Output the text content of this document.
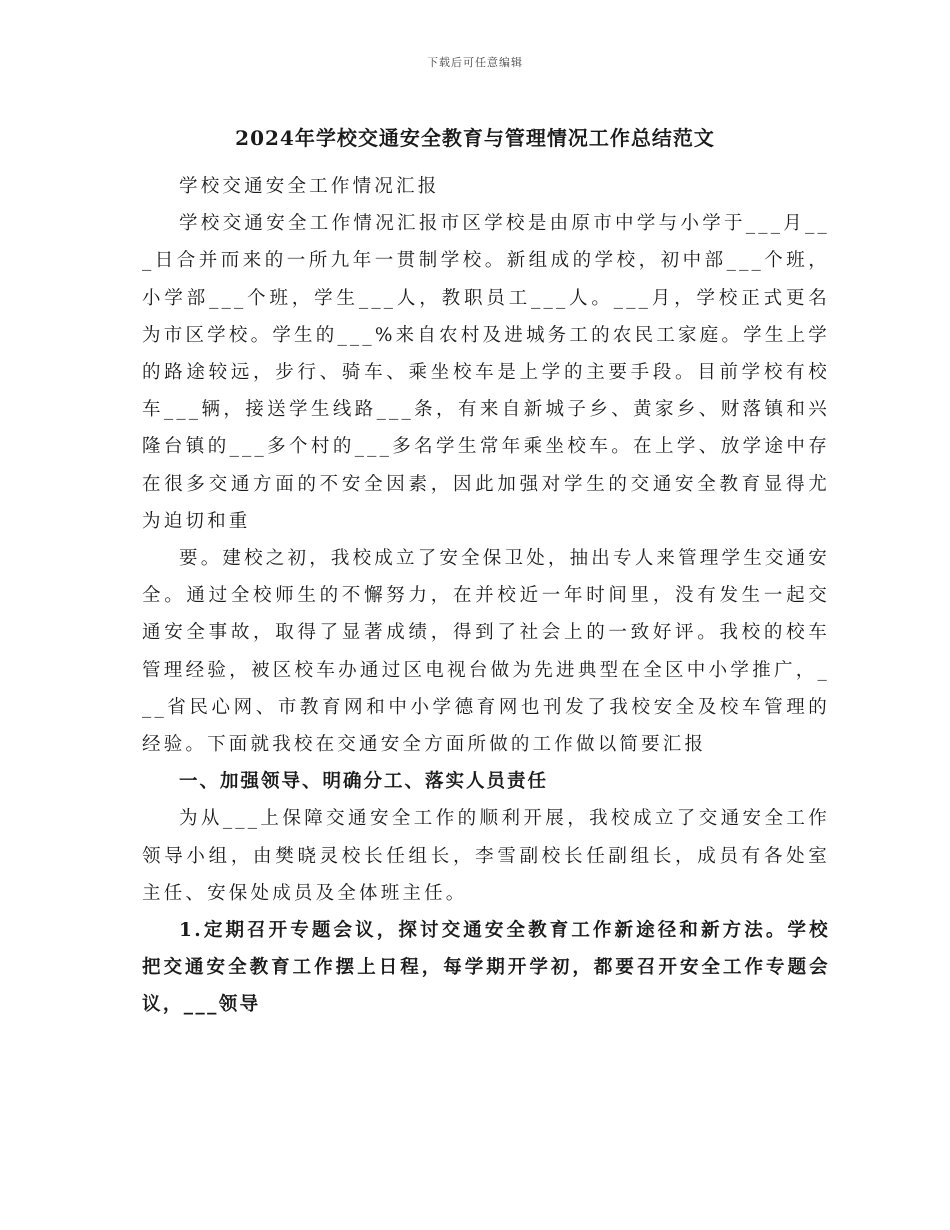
下载后可任意编辑
2024年学校交通安全教育与管理情况工作总结范文

学校交通安全工作情况汇报

学校交通安全工作情况汇报市区学校是由原市中学与小学于___月___日合并而来的一所九年一贯制学校。新组成的学校，初中部___个班，小学部___个班，学生___人，教职员工___人。___月，学校正式更名为市区学校。学生的___%来自农村及进城务工的农民工家庭。学生上学的路途较远，步行、骑车、乘坐校车是上学的主要手段。目前学校有校车___辆，接送学生线路___条，有来自新城子乡、黄家乡、财落镇和兴隆台镇的___多个村的___多名学生常年乘坐校车。在上学、放学途中存在很多交通方面的不安全因素，因此加强对学生的交通安全教育显得尤为迫切和重

要。建校之初，我校成立了安全保卫处，抽出专人来管理学生交通安全。通过全校师生的不懈努力，在并校近一年时间里，没有发生一起交通安全事故，取得了显著成绩，得到了社会上的一致好评。我校的校车管理经验，被区校车办通过区电视台做为先进典型在全区中小学推广，___省民心网、市教育网和中小学德育网也刊发了我校安全及校车管理的经验。下面就我校在交通安全方面所做的工作做以简要汇报

一、加强领导、明确分工、落实人员责任

为从___上保障交通安全工作的顺利开展，我校成立了交通安全工作领导小组，由樊晓灵校长任组长，李雪副校长任副组长，成员有各处室主任、安保处成员及全体班主任。

1.定期召开专题会议，探讨交通安全教育工作新途径和新方法。学校把交通安全教育工作摆上日程，每学期开学初，都要召开安全工作专题会议，___领导
